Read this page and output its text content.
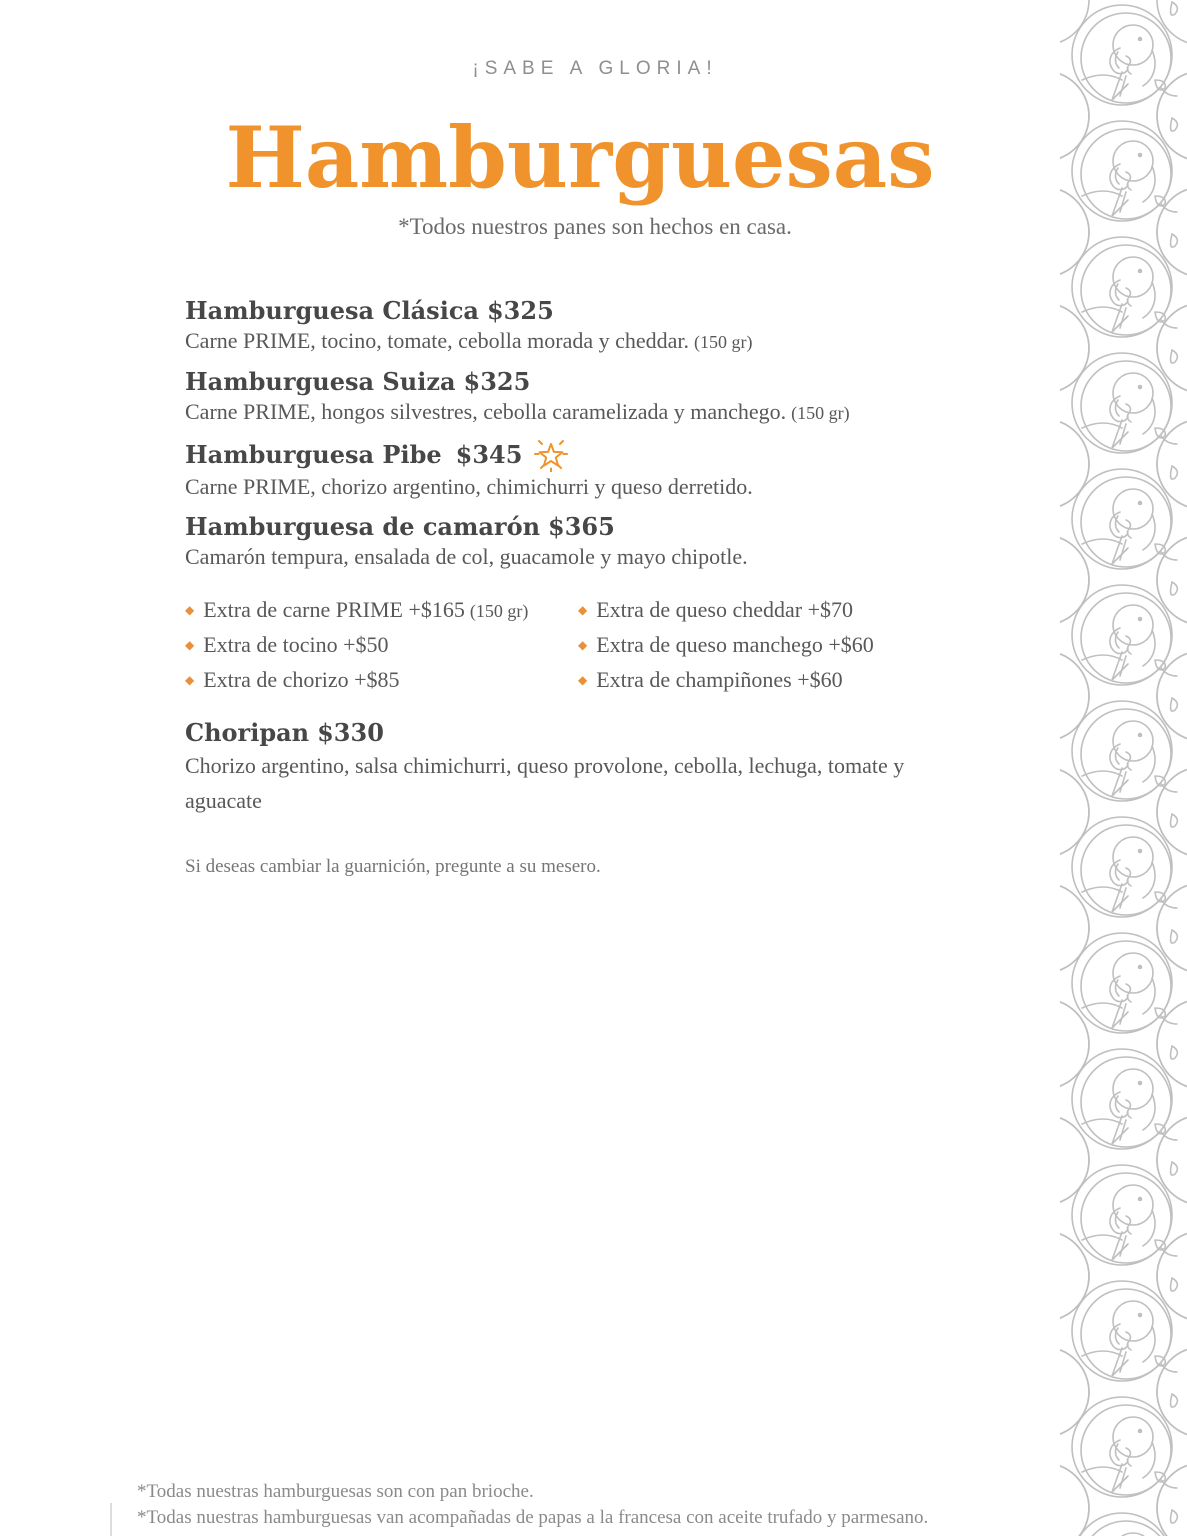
¡SABE A GLORIA!
Hamburguesas
*Todos nuestros panes son hechos en casa.
Hamburguesa Clásica $325
Carne PRIME, tocino, tomate, cebolla morada y cheddar. (150 gr)
Hamburguesa Suiza $325
Carne PRIME, hongos silvestres, cebolla caramelizada y manchego. (150 gr)
Hamburguesa Pibe $345
Carne PRIME, chorizo argentino, chimichurri y queso derretido.
Hamburguesa de camarón $365
Camarón tempura, ensalada de col, guacamole y mayo chipotle.
◆ Extra de carne PRIME +$165 (150 gr)
◆ Extra de tocino +$50
◆ Extra de chorizo +$85
◆ Extra de queso cheddar +$70
◆ Extra de queso manchego +$60
◆ Extra de champiñones +$60
Choripan $330
Chorizo argentino, salsa chimichurri, queso provolone, cebolla, lechuga, tomate y aguacate
Si deseas cambiar la guarnición, pregunte a su mesero.
*Todas nuestras hamburguesas son con pan brioche.
*Todas nuestras hamburguesas van acompañadas de papas a la francesa con aceite trufado y parmesano.
